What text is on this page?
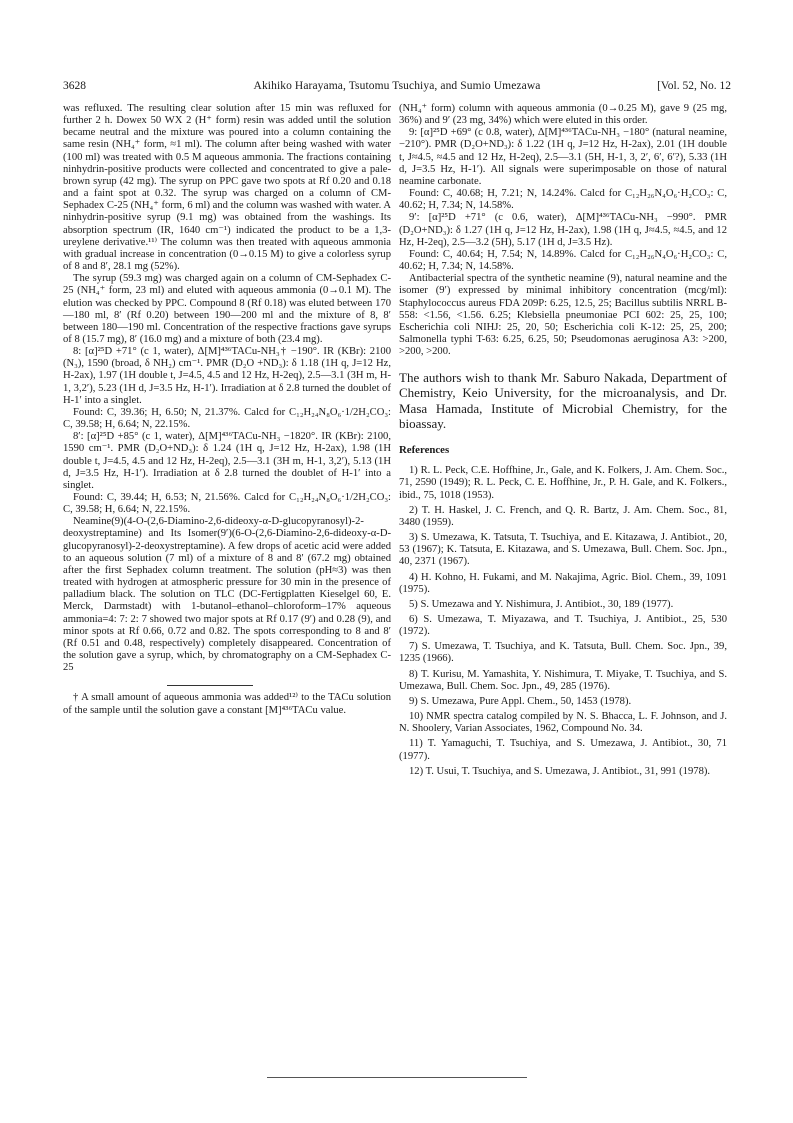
3628	Akihiko Harayama, Tsutomu Tsuchiya, and Sumio Umezawa	[Vol. 52, No. 12

was refluxed. The resulting clear solution after 15 min was refluxed for further 2 h. Dowex 50 WX 2 (H⁺ form) resin was added until the solution became neutral and the mixture was poured into a column containing the same resin (NH₄⁺ form, ≈1 ml). The column after being washed with water (100 ml) was treated with 0.5 M aqueous ammonia. The fractions containing ninhydrin-positive products were collected and concentrated to give a pale-brown syrup (42 mg). The syrup on PPC gave two spots at Rf 0.20 and 0.18 and a faint spot at 0.32. The syrup was charged on a column of CM-Sephadex C-25 (NH₄⁺ form, 6 ml) and the column was washed with water. A ninhydrin-positive syrup (9.1 mg) was obtained from the washings. Its absorption spectrum (IR, 1640 cm⁻¹) indicated the product to be a 1,3-ureylene derivative.¹¹⁾ The column was then treated with aqueous ammonia with gradual increase in concentration (0→0.15 M) to give a colorless syrup of 8 and 8′, 28.1 mg (52%).

The syrup (59.3 mg) was charged again on a column of CM-Sephadex C-25 (NH₄⁺ form, 23 ml) and eluted with aqueous ammonia (0→0.1 M). The elution was checked by PPC. Compound 8 (Rf 0.18) was eluted between 170—180 ml, 8′ (Rf 0.20) between 190—200 ml and the mixture of 8, 8′ between 180—190 ml. Concentration of the respective fractions gave syrups of 8 (15.7 mg), 8′ (16.0 mg) and a mixture of both (23.4 mg).

8: [α]²⁵D +71° (c 1, water), Δ[M]⁴³⁶TACu-NH₃† −190°. IR (KBr): 2100 (N₃), 1590 (broad, δ NH₂) cm⁻¹. PMR (D₂O +ND₃): δ 1.18 (1H q, J=12 Hz, H-2ax), 1.97 (1H double t, J=4.5, 4.5 and 12 Hz, H-2eq), 2.5—3.1 (3H m, H-1, 3,2′), 5.23 (1H d, J=3.5 Hz, H-1′). Irradiation at δ 2.8 turned the doublet of H-1′ into a singlet.

Found: C, 39.36; H, 6.50; N, 21.37%. Calcd for C₁₂H₂₄N₈O₆·1/2H₂CO₃: C, 39.58; H, 6.64; N, 22.15%.

8′: [α]²⁵D +85° (c 1, water), Δ[M]⁴³⁶TACu-NH₃ −1820°. IR (KBr): 2100, 1590 cm⁻¹. PMR (D₂O+ND₃): δ 1.24 (1H q, J=12 Hz, H-2ax), 1.98 (1H double t, J=4.5, 4.5 and 12 Hz, H-2eq), 2.5—3.1 (3H m, H-1, 3,2′), 5.13 (1H d, J=3.5 Hz, H-1′). Irradiation at δ 2.8 turned the doublet of H-1′ into a singlet.

Found: C, 39.44; H, 6.53; N, 21.56%. Calcd for C₁₂H₂₄N₈O₆·1/2H₂CO₃: C, 39.58; H, 6.64; N, 22.15%.

Neamine(9)(4-O-(2,6-Diamino-2,6-dideoxy-α-D-glucopyranosyl)-2-deoxystreptamine) and Its Isomer(9′)(6-O-(2,6-Diamino-2,6-dideoxy-α-D-glucopyranosyl)-2-deoxystreptamine). A few drops of acetic acid were added to an aqueous solution (7 ml) of a mixture of 8 and 8′ (67.2 mg) obtained after the first Sephadex column treatment. The solution (pH≈3) was then treated with hydrogen at atmospheric pressure for 30 min in the presence of palladium black. The solution on TLC (DC-Fertigplatten Kieselgel 60, E. Merck, Darmstadt) with 1-butanol–ethanol–chloroform–17% aqueous ammonia=4: 7: 2: 7 showed two major spots at Rf 0.17 (9′) and 0.28 (9), and minor spots at Rf 0.66, 0.72 and 0.82. The spots corresponding to 8 and 8′ (Rf 0.51 and 0.48, respectively) completely disappeared. Concentration of the solution gave a syrup, which, by chromatography on a CM-Sephadex C-25

† A small amount of aqueous ammonia was added¹²⁾ to the TACu solution of the sample until the solution gave a constant [M]⁴³⁶TACu value.

(NH₄⁺ form) column with aqueous ammonia (0→0.25 M), gave 9 (25 mg, 36%) and 9′ (23 mg, 34%) which were eluted in this order.

9: [α]²⁵D +69° (c 0.8, water), Δ[M]⁴³⁶TACu-NH₃ −180° (natural neamine, −210°). PMR (D₂O+ND₃): δ 1.22 (1H q, J=12 Hz, H-2ax), 2.01 (1H double t, J≈4.5, ≈4.5 and 12 Hz, H-2eq), 2.5—3.1 (5H, H-1, 3, 2′, 6′, 6′?), 5.33 (1H d, J=3.5 Hz, H-1′). All signals were superimposable on those of natural neamine carbonate.

Found: C, 40.68; H, 7.21; N, 14.24%. Calcd for C₁₂H₂₆N₄O₆·H₂CO₃: C, 40.62; H, 7.34; N, 14.58%.

9′: [α]²⁵D +71° (c 0.6, water), Δ[M]⁴³⁶TACu-NH₃ −990°. PMR (D₂O+ND₃): δ 1.27 (1H q, J=12 Hz, H-2ax), 1.98 (1H q, J≈4.5, ≈4.5, and 12 Hz, H-2eq), 2.5—3.2 (5H), 5.17 (1H d, J=3.5 Hz).

Found: C, 40.64; H, 7.54; N, 14.89%. Calcd for C₁₂H₂₆N₄O₆·H₂CO₃: C, 40.62; H, 7.34; N, 14.58%.

Antibacterial spectra of the synthetic neamine (9), natural neamine and the isomer (9′) expressed by minimal inhibitory concentration (mcg/ml): Staphylococcus aureus FDA 209P: 6.25, 12.5, 25; Bacillus subtilis NRRL B-558: <1.56, <1.56. 6.25; Klebsiella pneumoniae PCI 602: 25, 25, 100; Escherichia coli NIHJ: 25, 20, 50; Escherichia coli K-12: 25, 25, 200; Salmonella typhi T-63: 6.25, 6.25, 50; Pseudomonas aeruginosa A3: >200, >200, >200.

The authors wish to thank Mr. Saburo Nakada, Department of Chemistry, Keio University, for the microanalysis, and Dr. Masa Hamada, Institute of Microbial Chemistry, for the bioassay.

References

1) R. L. Peck, C.E. Hoffhine, Jr., Gale, and K. Folkers, J. Am. Chem. Soc., 71, 2590 (1949); R. L. Peck, C. E. Hoffhine, Jr., P. H. Gale, and K. Folkers., ibid., 75, 1018 (1953).

2) T. H. Haskel, J. C. French, and Q. R. Bartz, J. Am. Chem. Soc., 81, 3480 (1959).

3) S. Umezawa, K. Tatsuta, T. Tsuchiya, and E. Kitazawa, J. Antibiot., 20, 53 (1967); K. Tatsuta, E. Kitazawa, and S. Umezawa, Bull. Chem. Soc. Jpn., 40, 2371 (1967).

4) H. Kohno, H. Fukami, and M. Nakajima, Agric. Biol. Chem., 39, 1091 (1975).

5) S. Umezawa and Y. Nishimura, J. Antibiot., 30, 189 (1977).

6) S. Umezawa, T. Miyazawa, and T. Tsuchiya, J. Antibiot., 25, 530 (1972).

7) S. Umezawa, T. Tsuchiya, and K. Tatsuta, Bull. Chem. Soc. Jpn., 39, 1235 (1966).

8) T. Kurisu, M. Yamashita, Y. Nishimura, T. Miyake, T. Tsuchiya, and S. Umezawa, Bull. Chem. Soc. Jpn., 49, 285 (1976).

9) S. Umezawa, Pure Appl. Chem., 50, 1453 (1978).

10) NMR spectra catalog compiled by N. S. Bhacca, L. F. Johnson, and J. N. Shoolery, Varian Associates, 1962, Compound No. 34.

11) T. Yamaguchi, T. Tsuchiya, and S. Umezawa, J. Antibiot., 30, 71 (1977).

12) T. Usui, T. Tsuchiya, and S. Umezawa, J. Antibiot., 31, 991 (1978).
